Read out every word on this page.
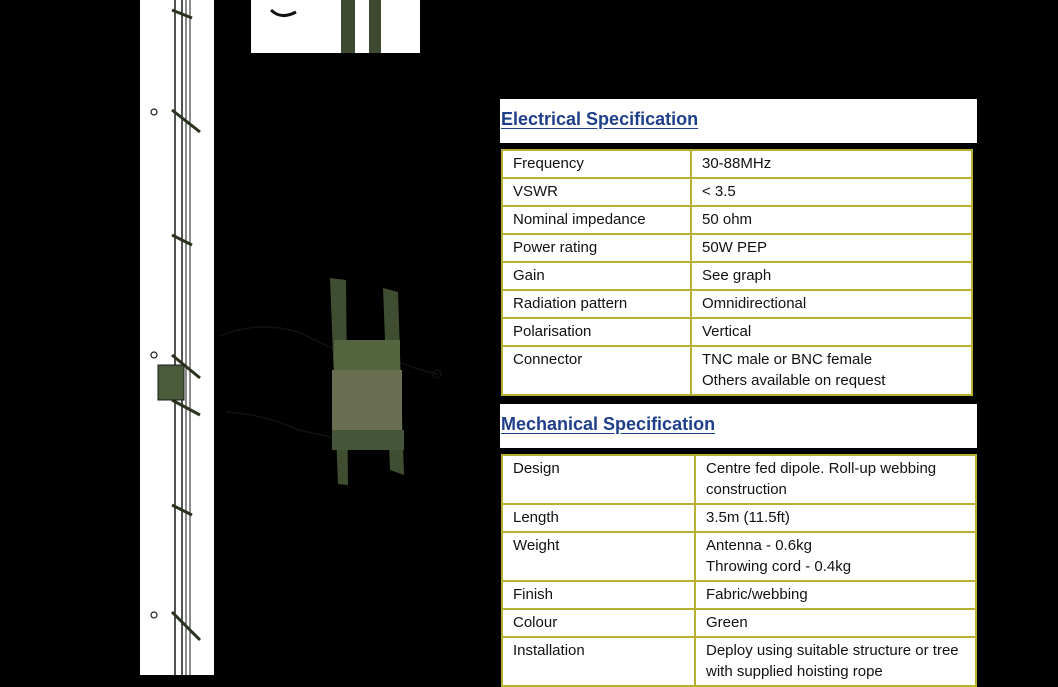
Electrical Specification
Frequency	30-88MHz
VSWR	< 3.5
Nominal impedance	50 ohm
Power rating	50W PEP
Gain	See graph
Radiation pattern	Omnidirectional
Polarisation	Vertical
Connector	TNC male or BNC female
Others available on request
Mechanical Specification
Design	Centre fed dipole. Roll-up webbing construction
Length	3.5m (11.5ft)
Weight	Antenna - 0.6kg
Throwing cord - 0.4kg

Finish	Fabric/webbing
Colour	Green
Installation	Deploy using suitable structure or tree with supplied hoisting rope
